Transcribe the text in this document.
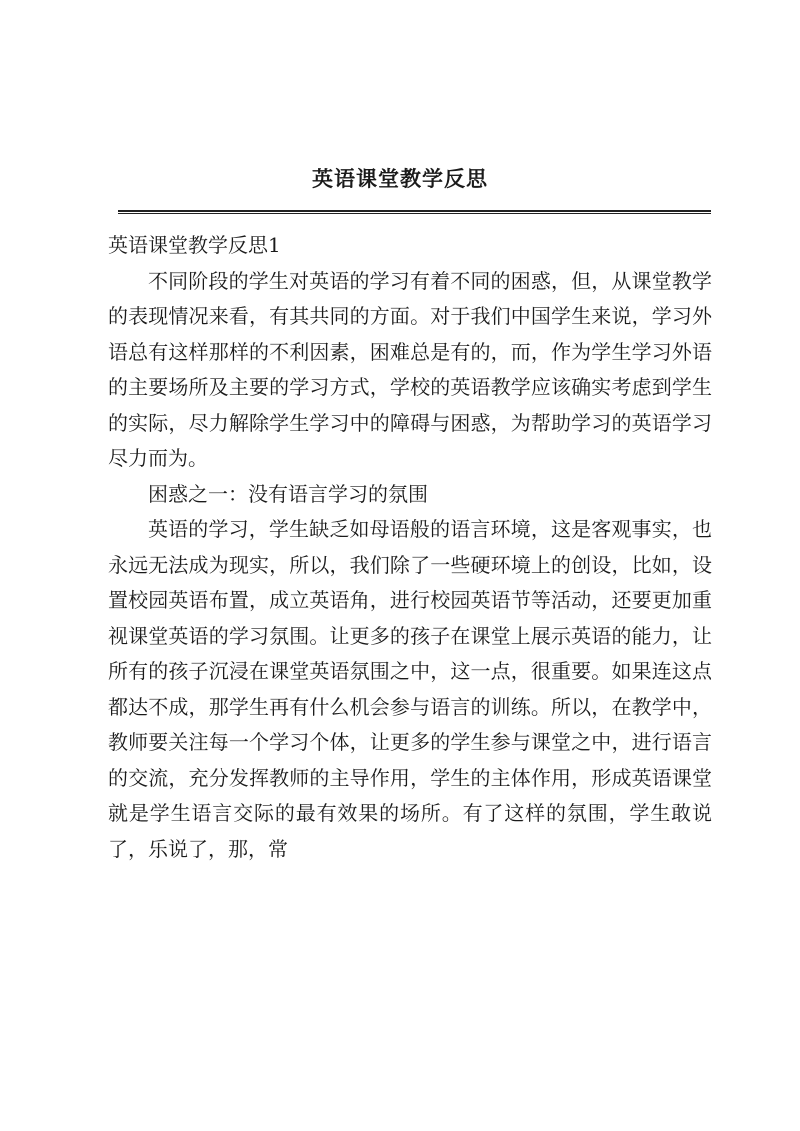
英语课堂教学反思

英语课堂教学反思1

不同阶段的学生对英语的学习有着不同的困惑，但，从课堂教学的表现情况来看，有其共同的方面。对于我们中国学生来说，学习外语总有这样那样的不利因素，困难总是有的，而，作为学生学习外语的主要场所及主要的学习方式，学校的英语教学应该确实考虑到学生的实际，尽力解除学生学习中的障碍与困惑，为帮助学习的英语学习尽力而为。

困惑之一：没有语言学习的氛围

英语的学习，学生缺乏如母语般的语言环境，这是客观事实，也永远无法成为现实，所以，我们除了一些硬环境上的创设，比如，设置校园英语布置，成立英语角，进行校园英语节等活动，还要更加重视课堂英语的学习氛围。让更多的孩子在课堂上展示英语的能力，让所有的孩子沉浸在课堂英语氛围之中，这一点，很重要。如果连这点都达不成，那学生再有什么机会参与语言的训练。所以，在教学中，教师要关注每一个学习个体，让更多的学生参与课堂之中，进行语言的交流，充分发挥教师的主导作用，学生的主体作用，形成英语课堂就是学生语言交际的最有效果的场所。有了这样的氛围，学生敢说了，乐说了，那，常
